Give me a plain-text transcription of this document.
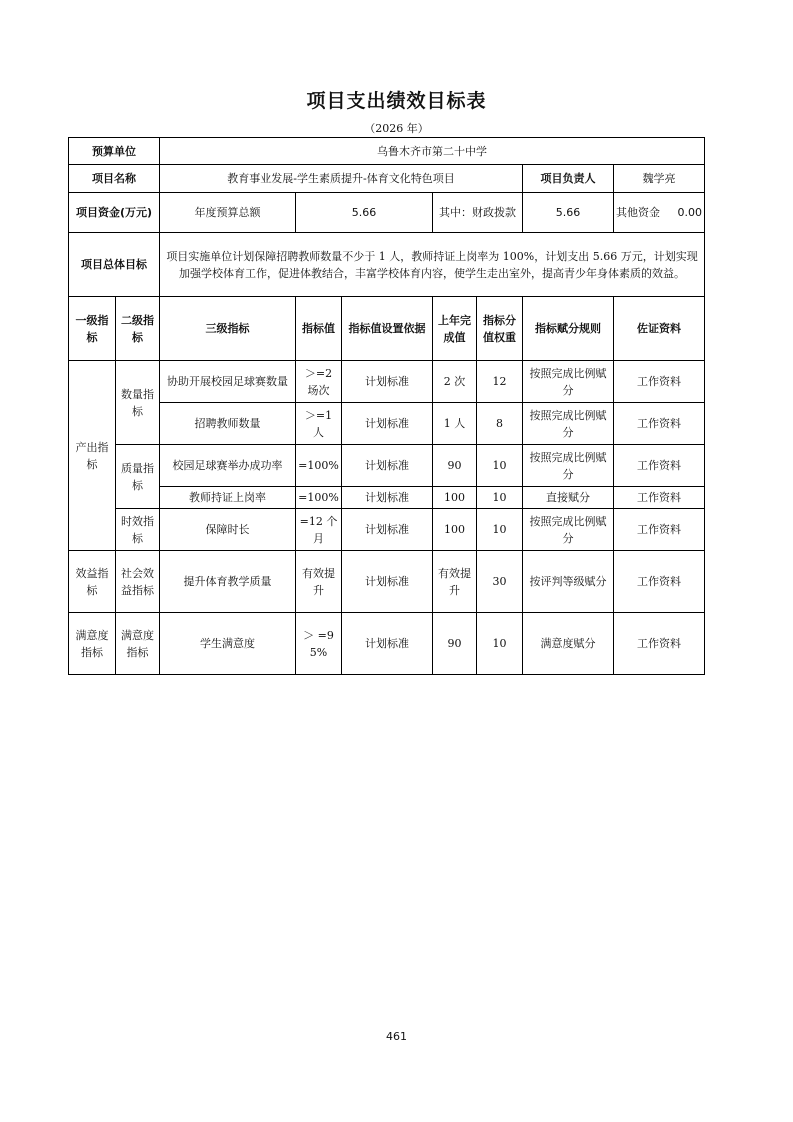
项目支出绩效目标表
（2026 年）
预算单位		乌鲁木齐市第二十中学						
项目名称		教育事业发展-学生素质提升-体育文化特色项目					项目负责人	魏学亮
项目资金(万元)		年度预算总额	5.66		其中：财政拨款		5.66	其他资金 0.00
项目总体目标		项目实施单位计划保障招聘教师数量不少于 1 人，教师持证上岗率为 100%，计划支出 5.66 万元，计划实现加强学校体育工作，促进体教结合，丰富学校体育内容，使学生走出室外，提高青少年身体素质的效益。						
一级指标	二级指标	三级指标	指标值	指标值设置依据	上年完成值	指标分值权重	指标赋分规则	佐证资料
产出指标	数量指标	协助开展校园足球赛数量	＞=2 场次	计划标准	2 次	12	按照完成比例赋分	工作资料
		招聘教师数量	＞=1 人	计划标准	1 人	8	按照完成比例赋分	工作资料
	质量指标	校园足球赛举办成功率	=100%	计划标准	90	10	按照完成比例赋分	工作资料
		教师持证上岗率	=100%	计划标准	100	10	直接赋分	工作资料
	时效指标	保障时长	=12 个月	计划标准	100	10	按照完成比例赋分	工作资料
效益指标	社会效益指标	提升体育教学质量	有效提升	计划标准	有效提升	30	按评判等级赋分	工作资料
满意度指标	满意度指标	学生满意度	＞ =95%	计划标准	90	10	满意度赋分	工作资料
461
